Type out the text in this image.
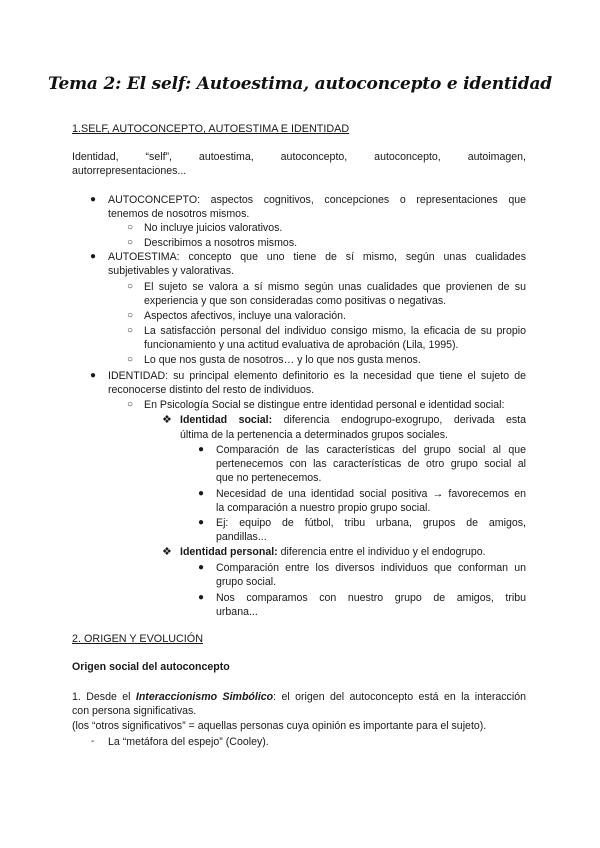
Tema 2: El self: Autoestima, autoconcepto e identidad
1.SELF, AUTOCONCEPTO, AUTOESTIMA E IDENTIDAD
Identidad, “self”, autoestima, autoconcepto, autoconcepto, autoimagen,
autorrepresentaciones...
● AUTOCONCEPTO: aspectos cognitivos, concepciones o representaciones que
tenemos de nosotros mismos.
○ No incluye juicios valorativos.
○ Describimos a nosotros mismos.
● AUTOESTIMA: concepto que uno tiene de sí mismo, según unas cualidades
subjetivables y valorativas.
○ El sujeto se valora a sí mismo según unas cualidades que provienen de su
experiencia y que son consideradas como positivas o negativas.
○ Aspectos afectivos, incluye una valoración.
○ La satisfacción personal del individuo consigo mismo, la eficacia de su propio
funcionamiento y una actitud evaluativa de aprobación (Lila, 1995).
○ Lo que nos gusta de nosotros… y lo que nos gusta menos.
● IDENTIDAD: su principal elemento definitorio es la necesidad que tiene el sujeto de
reconocerse distinto del resto de individuos.
○ En Psicología Social se distingue entre identidad personal e identidad social:
❖ Identidad social: diferencia endogrupo-exogrupo, derivada esta
última de la pertenencia a determinados grupos sociales.
● Comparación de las características del grupo social al que
pertenecemos con las características de otro grupo social al
que no pertenecemos.
● Necesidad de una identidad social positiva → favorecemos en
la comparación a nuestro propio grupo social.
● Ej: equipo de fútbol, tribu urbana, grupos de amigos,
pandillas...
❖ Identidad personal: diferencia entre el individuo y el endogrupo.
● Comparación entre los diversos individuos que conforman un
grupo social.
● Nos comparamos con nuestro grupo de amigos, tribu
urbana...
2. ORIGEN Y EVOLUCIÓN
Origen social del autoconcepto
1. Desde el Interaccionismo Simbólico: el origen del autoconcepto está en la interacción
con persona significativas.
(los “otros significativos” = aquellas personas cuya opinión es importante para el sujeto).
- La “metáfora del espejo” (Cooley).
